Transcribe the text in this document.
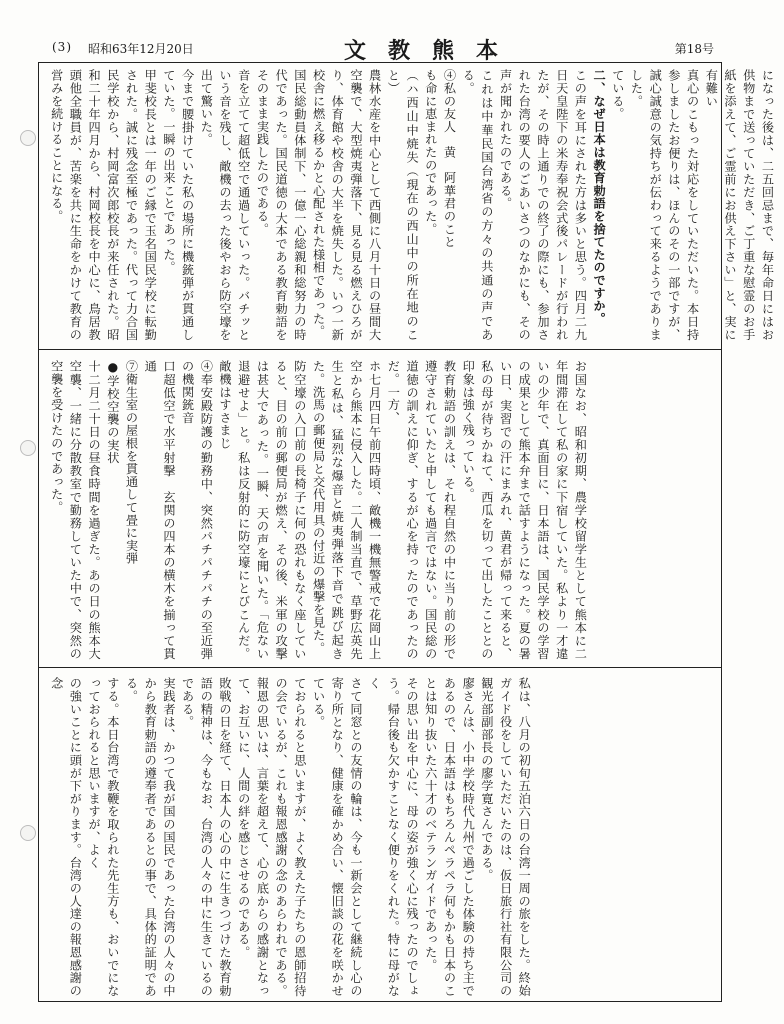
(3) 昭和63年12月20日	文教熊本	第18号
になった後は、二五回忌まで、毎年命日にはお供物まで送っていただき、ご丁重な慰霊のお手紙を添えて、ご霊前にお供え下さい」と、実に有難い
真心のこもった対応をしていただいた。本日持参しましたお便りは、ほんのその一部ですが、誠心誠意の気持ちが伝わって来るようでありました。
ている。
二、なぜ日本は教育勅語を捨てたのですか。
この声を耳にされた方は多いと思う。四月二九日天皇陛下の米寿奉祝会式後パレードが行われたが、その時上通りでの終了の際にも、参加された台湾の要人のごあいさつのなかにも、その声が聞かれたのである。
これは中華民国台湾省の方々の共通の声である。
④私の友人　黄　阿華君のこと
も命に恵まれたのであった。
（ハ西山中焼失（現在の西山中の所在地のこと）
農林水産を中心として西側に八月十日の昼間大空襲で、大型焼夷弾落下、見る見る燃えひろがり、体育館や校舎の大半を焼失した。いつ一新校舎に燃え移るかと心配された様相であった。
国民総動員体制下、一億一心総親和総努力の時代であった。国民道徳の大本である教育勅語をそのまま実践したのである。
音を立てて超低空で通過していった。バチッという音を残し、敵機の去った後やおら防空壕を出て驚いた。
今まで腰掛けていた私の場所に機銃弾が貫通していた。一瞬の出来ことであった。
甲斐校長とは一年のご縁で玉名国民学校に転勤された。誠に残念至極であった。代って力合国民学校から、村岡富次郎校長が来任された。昭和二十年四月から、村岡校長を中心に、鳥居教頭他全職員が、苦楽を共に生命をかけて教育の営みを続けることになる。
お国なお、昭和初期、農学校留学生として熊本に二年間滞在して私の家に下宿していた。私より一才違いの少年で、真面目に、日本語は、国民学校の学習の成果として熊本弁まで話すようになった。夏の暑い日、実習での汗にまみれ、黄君が帰って来ると、私の母が待ちかねて、西瓜を切って出したこととの印象は強く残っている。
教育勅語の訓えは、それ程自然の中に当り前の形で遵守されていたと申しても過言ではない。国民総の道徳の訓えに仰ぎ、するが心を持ったのであったのだ。一方、
ホ七月四日午前四時頃、敵機一機無警戒で花岡山上空から熊本に侵入した。二人制当直で、草野広英先生と私は、猛烈な爆音と焼夷弾落下音で跳び起きた。洗馬の郵便局と交代用具の付近の爆撃を見た。
防空壕の入口前の長椅子に何の恐れもなく座していると、目の前の郵便局が燃え、その後、米軍の攻撃は甚大であった。一瞬、天の声を聞いた。「危ない退避せよ」と。私は反射的に防空壕にとびこんだ。敵機はすさまじ
④奉安殿防護の勤務中、突然パチパチパチの至近弾の機関銃音
口超低空で水平射撃　玄関の四本の横木を揃って貫通
⑦衛生室の屋根を貫通して畳に実弾
●学校空襲の実状
十二月二十日の昼食時間を過ぎた。あの日の熊本大空襲、一緒に分散教室で勤務していた中で、突然の空襲を受けたのであった。
私は、八月の初旬五泊六日の台湾一周の旅をした。終始ガイド役をしていただいたのは、仮日旅行社有限公司の観光部副部長の廖学寛さんである。
廖さんは、小中学校時代九州で過ごした体験の持ち主であるので、日本語はもちろんペラペラ何もかも日本のことは知り抜いた六十才のベテランガイドであった。
その思い出を中心に、母の姿が強く心に残ったのでしょう。帰台後も欠かすことなく便りをくれた。特に母がなく
さて同窓との友情の輪は、今も一新会として継続し心の寄り所となり、健康を確かめ合い、懐旧談の花を咲かせている。
ておられると思いますが、よく教えた子たちの恩師招待の会でいるが、これも報恩感謝の念のあらわれである。
報恩の思いは、言葉を超えて、心の底からの感謝となって、お互いに、人間の絆を感じさせるのである。
敗戦の日を経て、日本人の心の中に生きつづけた教育勅語の精神は、今もなお、台湾の人々の中に生きているのである。
実践者は、かつて我が国の国民であった台湾の人々の中から教育勅語の遵奉者であるとの事で、具体的証明である。
する。本日台湾で教鞭を取られた先生方も、おいでになっておられると思いますが、よく
の強いことに頭が下がります。台湾の人達の報恩感謝の念
